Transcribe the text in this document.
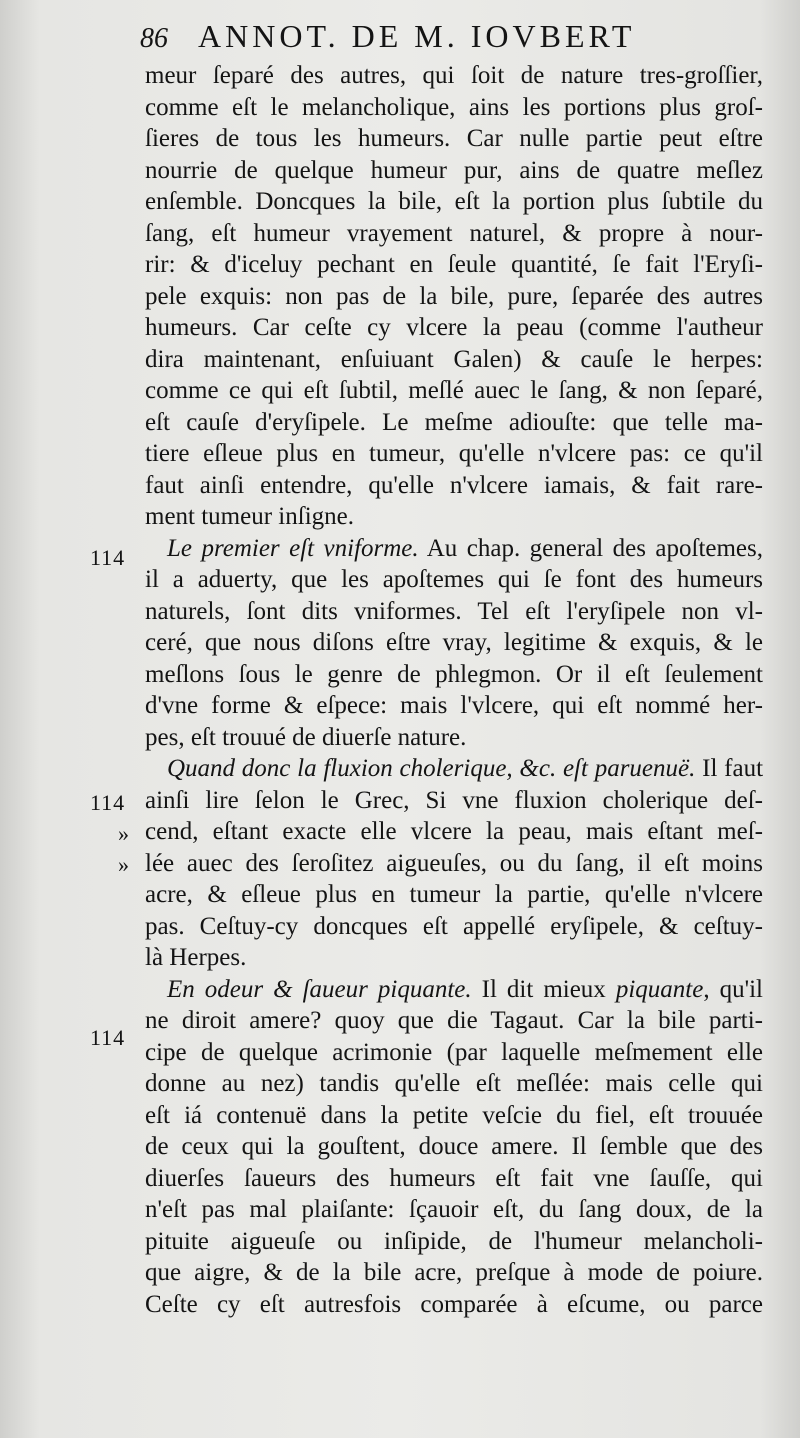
86 ANNOT. DE M. IOVBERT
114
114
»
»
114
meur ſeparé des autres, qui ſoit de nature tres-groſſier,
comme eſt le melancholique, ains les portions plus groſ-
ſieres de tous les humeurs. Car nulle partie peut eſtre
nourrie de quelque humeur pur, ains de quatre meſlez
enſemble. Doncques la bile, eſt la portion plus ſubtile du
ſang, eſt humeur vrayement naturel, & propre à nour-
rir: & d'iceluy pechant en ſeule quantité, ſe fait l'Eryſi-
pele exquis: non pas de la bile, pure, ſeparée des autres
humeurs. Car ceſte cy vlcere la peau (comme l'autheur
dira maintenant, enſuiuant Galen) & cauſe le herpes:
comme ce qui eſt ſubtil, meſlé auec le ſang, & non ſeparé,
eſt cauſe d'eryſipele. Le meſme adiouſte: que telle ma-
tiere eſleue plus en tumeur, qu'elle n'vlcere pas: ce qu'il
faut ainſi entendre, qu'elle n'vlcere iamais, & fait rare-
ment tumeur inſigne.
Le premier eſt vniforme. Au chap. general des apoſtemes,
il a aduerty, que les apoſtemes qui ſe font des humeurs
naturels, ſont dits vniformes. Tel eſt l'eryſipele non vl-
ceré, que nous diſons eſtre vray, legitime & exquis, & le
meſlons ſous le genre de phlegmon. Or il eſt ſeulement
d'vne forme & eſpece: mais l'vlcere, qui eſt nommé her-
pes, eſt trouué de diuerſe nature.
Quand donc la fluxion cholerique, &c. eſt paruenuë. Il faut
ainſi lire ſelon le Grec, Si vne fluxion cholerique deſ-
cend, eſtant exacte elle vlcere la peau, mais eſtant meſ-
lée auec des ſeroſitez aigueuſes, ou du ſang, il eſt moins
acre, & eſleue plus en tumeur la partie, qu'elle n'vlcere
pas. Ceſtuy-cy doncques eſt appellé eryſipele, & ceſtuy-
là Herpes.
En odeur & ſaueur piquante. Il dit mieux piquante, qu'il
ne diroit amere? quoy que die Tagaut. Car la bile parti-
cipe de quelque acrimonie (par laquelle meſmement elle
donne au nez) tandis qu'elle eſt meſlée: mais celle qui
eſt iá contenuë dans la petite veſcie du fiel, eſt trouuée
de ceux qui la gouſtent, douce amere. Il ſemble que des
diuerſes ſaueurs des humeurs eſt fait vne ſauſſe, qui
n'eſt pas mal plaiſante: ſçauoir eſt, du ſang doux, de la
pituite aigueuſe ou inſipide, de l'humeur melancholi-
que aigre, & de la bile acre, preſque à mode de poiure.
Ceſte cy eſt autresfois comparée à eſcume, ou parce
